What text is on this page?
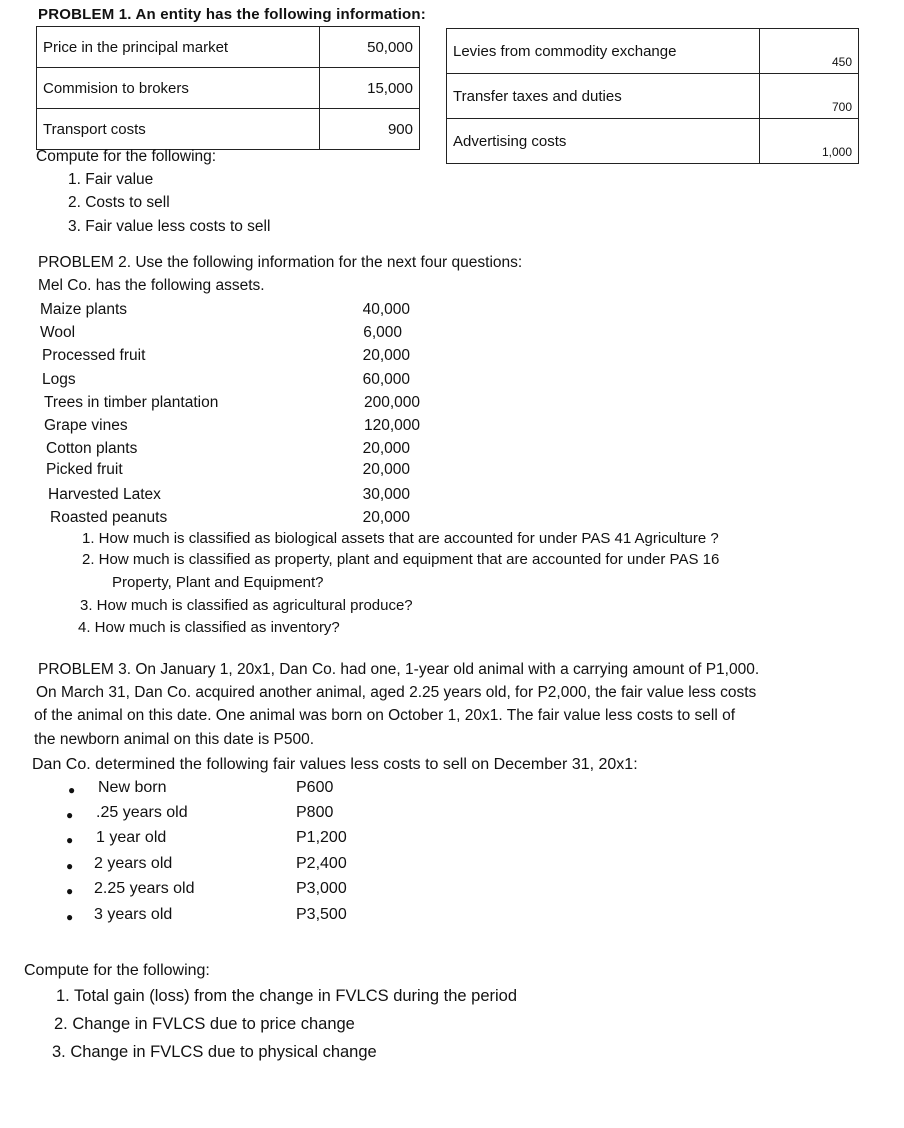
PROBLEM 1. An entity has the following information:
Price in the principal market	50,000
Commision to brokers	15,000
Transport costs	900
Levies from commodity exchange	450
Transfer taxes and duties	700
Advertising costs	1,000
Compute for the following:
1. Fair value
2. Costs to sell
3. Fair value less costs to sell
PROBLEM 2. Use the following information for the next four questions:
Mel Co. has the following assets.
Maize plants	40,000
Wool	6,000
Processed fruit	20,000
Logs	60,000
Trees in timber plantation	200,000
Grape vines	120,000
Cotton plants	20,000
Picked fruit	20,000
Harvested Latex	30,000
Roasted peanuts	20,000
1. How much is classified as biological assets that are accounted for under PAS 41 Agriculture ?
2. How much is classified as property, plant and equipment that are accounted for under PAS 16
Property, Plant and Equipment?
3. How much is classified as agricultural produce?
4. How much is classified as inventory?
PROBLEM 3. On January 1, 20x1, Dan Co. had one, 1-year old animal with a carrying amount of P1,000.
On March 31, Dan Co. acquired another animal, aged 2.25 years old, for P2,000, the fair value less costs
of the animal on this date. One animal was born on October 1, 20x1. The fair value less costs to sell of
the newborn animal on this date is P500.
Dan Co. determined the following fair values less costs to sell on December 31, 20x1:
● New born	P600
● .25 years old	P800
● 1 year old	P1,200
● 2 years old	P2,400
● 2.25 years old	P3,000
● 3 years old	P3,500
Compute for the following:
1. Total gain (loss) from the change in FVLCS during the period
2. Change in FVLCS due to price change
3. Change in FVLCS due to physical change
